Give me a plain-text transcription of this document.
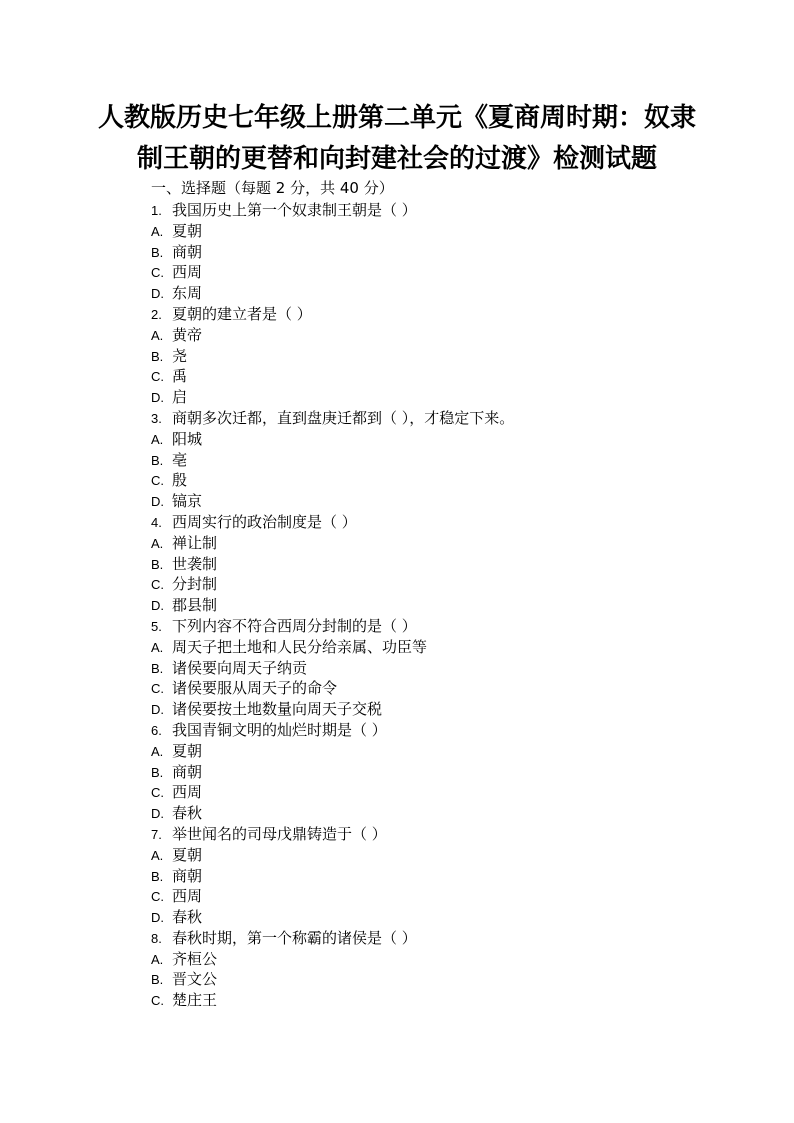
人教版历史七年级上册第二单元《夏商周时期：奴隶
制王朝的更替和向封建社会的过渡》检测试题
一、选择题（每题 2 分，共 40 分）
1. 我国历史上第一个奴隶制王朝是（ ）
A. 夏朝
B. 商朝
C. 西周
D. 东周
2. 夏朝的建立者是（ ）
A. 黄帝
B. 尧
C. 禹
D. 启
3. 商朝多次迁都，直到盘庚迁都到（ ），才稳定下来。
A. 阳城
B. 亳
C. 殷
D. 镐京
4. 西周实行的政治制度是（ ）
A. 禅让制
B. 世袭制
C. 分封制
D. 郡县制
5. 下列内容不符合西周分封制的是（ ）
A. 周天子把土地和人民分给亲属、功臣等
B. 诸侯要向周天子纳贡
C. 诸侯要服从周天子的命令
D. 诸侯要按土地数量向周天子交税
6. 我国青铜文明的灿烂时期是（ ）
A. 夏朝
B. 商朝
C. 西周
D. 春秋
7. 举世闻名的司母戊鼎铸造于（ ）
A. 夏朝
B. 商朝
C. 西周
D. 春秋
8. 春秋时期，第一个称霸的诸侯是（ ）
A. 齐桓公
B. 晋文公
C. 楚庄王
